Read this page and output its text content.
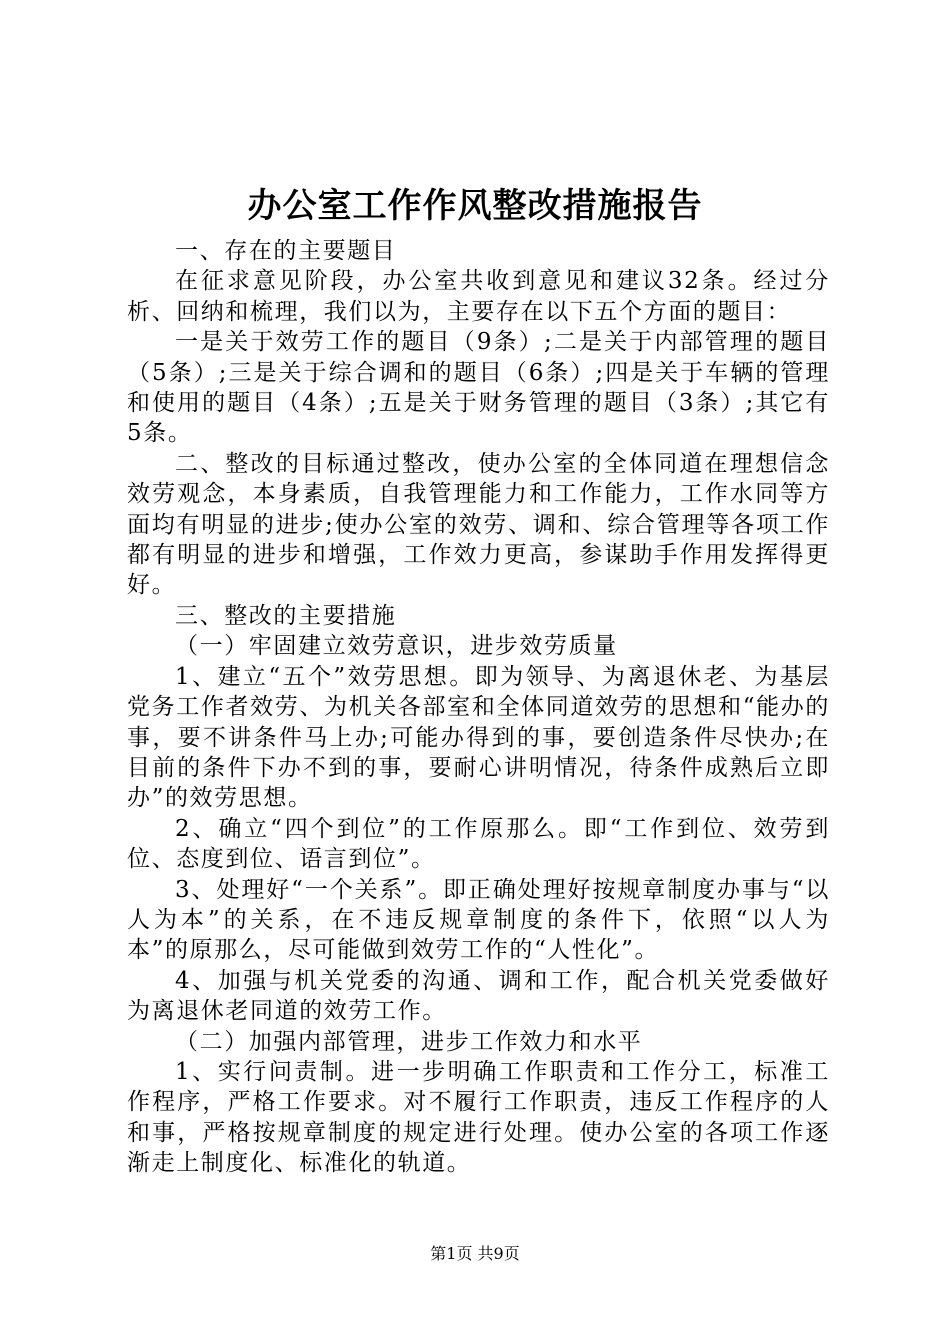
办公室工作作风整改措施报告

一、存在的主要题目

在征求意见阶段，办公室共收到意见和建议32条。经过分析、回纳和梳理，我们以为，主要存在以下五个方面的题目：

一是关于效劳工作的题目（9条）;二是关于内部管理的题目（5条）;三是关于综合调和的题目（6条）;四是关于车辆的管理和使用的题目（4条）;五是关于财务管理的题目（3条）;其它有5条。

二、整改的目标通过整改，使办公室的全体同道在理想信念效劳观念，本身素质，自我管理能力和工作能力，工作水同等方面均有明显的进步;使办公室的效劳、调和、综合管理等各项工作都有明显的进步和增强，工作效力更高，参谋助手作用发挥得更好。

三、整改的主要措施

（一）牢固建立效劳意识，进步效劳质量

1、建立“五个”效劳思想。即为领导、为离退休老、为基层党务工作者效劳、为机关各部室和全体同道效劳的思想和“能办的事，要不讲条件马上办;可能办得到的事，要创造条件尽快办;在目前的条件下办不到的事，要耐心讲明情况，待条件成熟后立即办”的效劳思想。

2、确立“四个到位”的工作原那么。即“工作到位、效劳到位、态度到位、语言到位”。

3、处理好“一个关系”。即正确处理好按规章制度办事与“以人为本”的关系，在不违反规章制度的条件下，依照“以人为本”的原那么，尽可能做到效劳工作的“人性化”。

4、加强与机关党委的沟通、调和工作，配合机关党委做好为离退休老同道的效劳工作。

（二）加强内部管理，进步工作效力和水平

1、实行问责制。进一步明确工作职责和工作分工，标准工作程序，严格工作要求。对不履行工作职责，违反工作程序的人和事，严格按规章制度的规定进行处理。使办公室的各项工作逐渐走上制度化、标准化的轨道。

第1页 共9页
